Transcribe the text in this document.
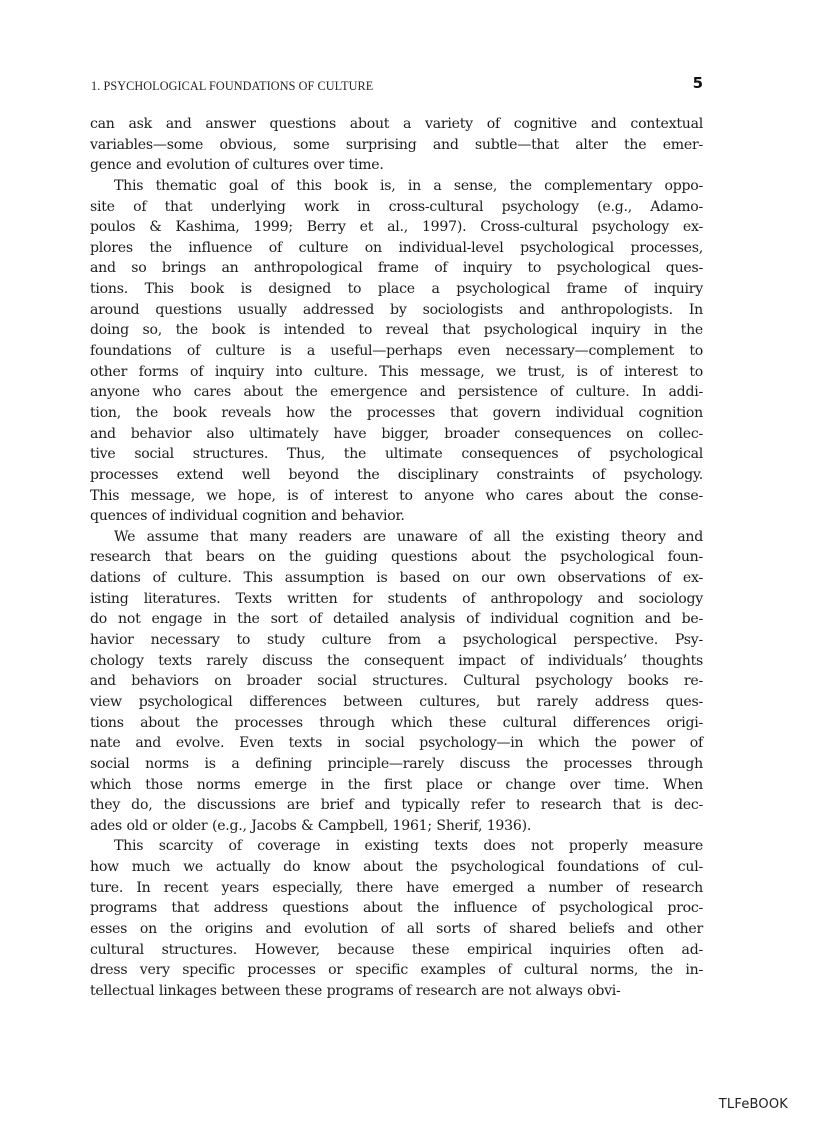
1. PSYCHOLOGICAL FOUNDATIONS OF CULTURE	5
can ask and answer questions about a variety of cognitive and contextual
variables—some obvious, some surprising and subtle—that alter the emer-
gence and evolution of cultures over time.
This thematic goal of this book is, in a sense, the complementary oppo-
site of that underlying work in cross-cultural psychology (e.g., Adamo-
poulos & Kashima, 1999; Berry et al., 1997). Cross-cultural psychology ex-
plores the influence of culture on individual-level psychological processes,
and so brings an anthropological frame of inquiry to psychological ques-
tions. This book is designed to place a psychological frame of inquiry
around questions usually addressed by sociologists and anthropologists. In
doing so, the book is intended to reveal that psychological inquiry in the
foundations of culture is a useful—perhaps even necessary—complement to
other forms of inquiry into culture. This message, we trust, is of interest to
anyone who cares about the emergence and persistence of culture. In addi-
tion, the book reveals how the processes that govern individual cognition
and behavior also ultimately have bigger, broader consequences on collec-
tive social structures. Thus, the ultimate consequences of psychological
processes extend well beyond the disciplinary constraints of psychology.
This message, we hope, is of interest to anyone who cares about the conse-
quences of individual cognition and behavior.
We assume that many readers are unaware of all the existing theory and
research that bears on the guiding questions about the psychological foun-
dations of culture. This assumption is based on our own observations of ex-
isting literatures. Texts written for students of anthropology and sociology
do not engage in the sort of detailed analysis of individual cognition and be-
havior necessary to study culture from a psychological perspective. Psy-
chology texts rarely discuss the consequent impact of individuals’ thoughts
and behaviors on broader social structures. Cultural psychology books re-
view psychological differences between cultures, but rarely address ques-
tions about the processes through which these cultural differences origi-
nate and evolve. Even texts in social psychology—in which the power of
social norms is a defining principle—rarely discuss the processes through
which those norms emerge in the first place or change over time. When
they do, the discussions are brief and typically refer to research that is dec-
ades old or older (e.g., Jacobs & Campbell, 1961; Sherif, 1936).
This scarcity of coverage in existing texts does not properly measure
how much we actually do know about the psychological foundations of cul-
ture. In recent years especially, there have emerged a number of research
programs that address questions about the influence of psychological proc-
esses on the origins and evolution of all sorts of shared beliefs and other
cultural structures. However, because these empirical inquiries often ad-
dress very specific processes or specific examples of cultural norms, the in-
tellectual linkages between these programs of research are not always obvi-
TLFeBOOK
